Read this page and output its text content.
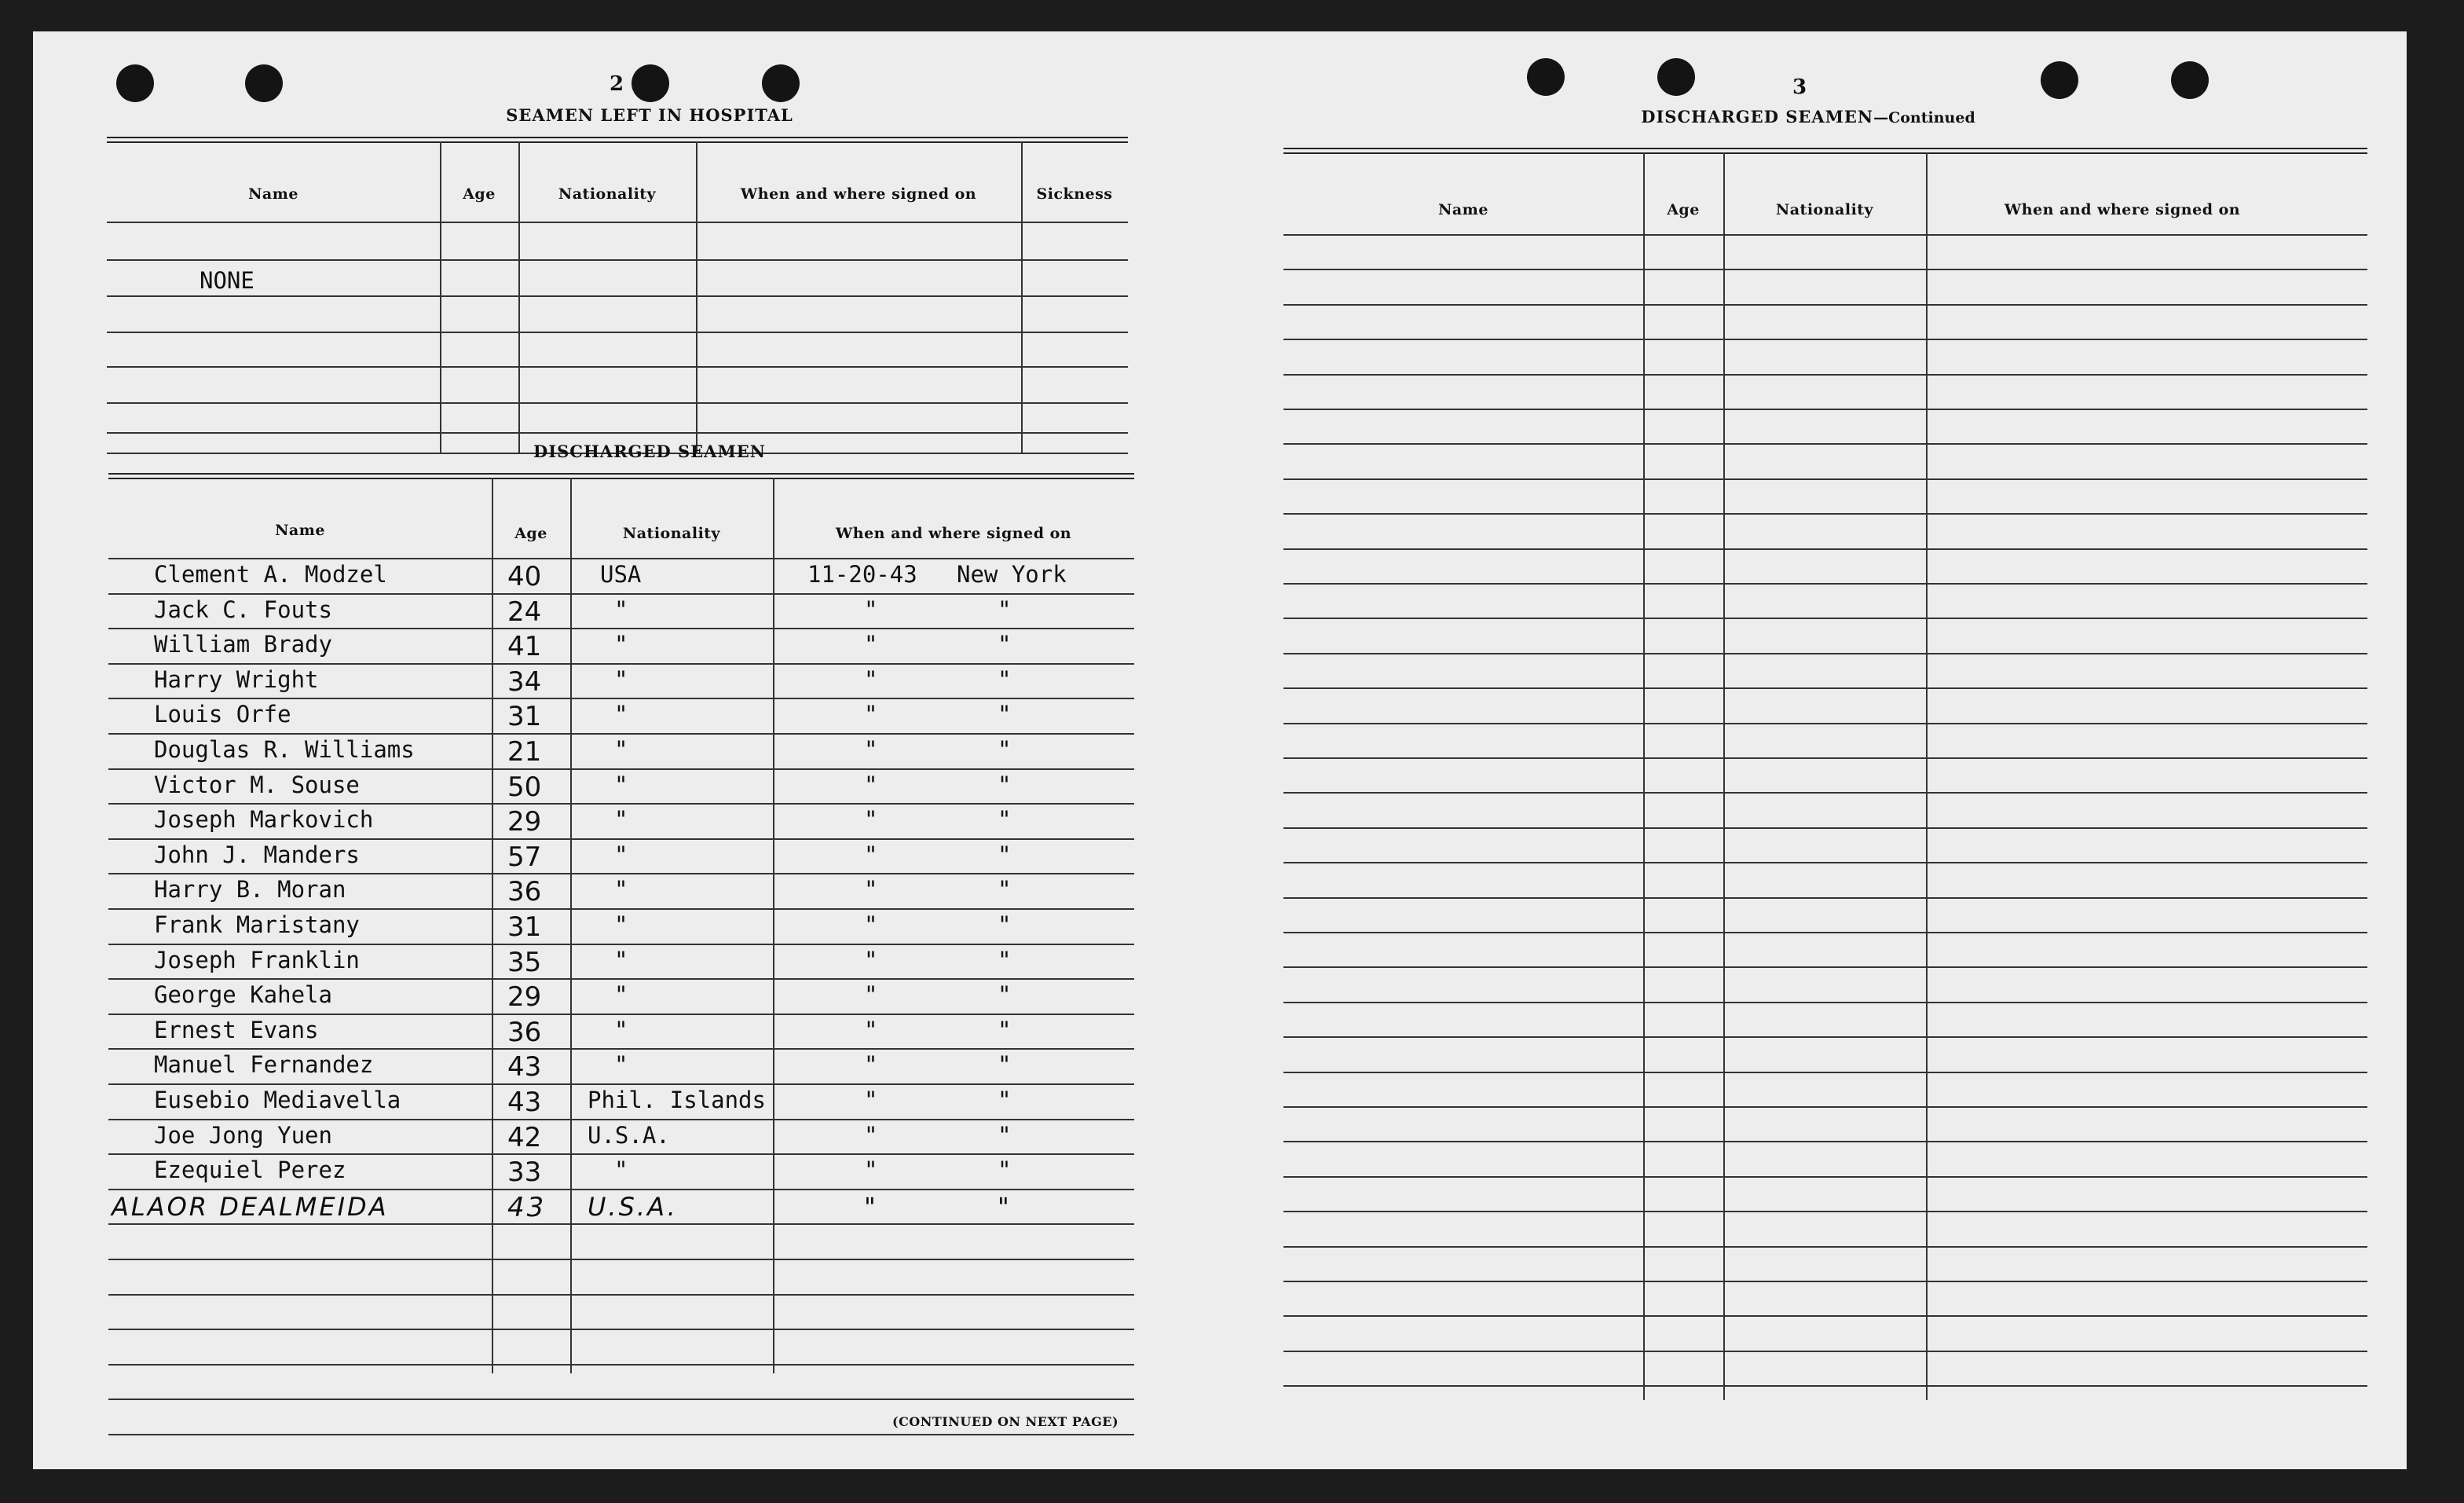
2
SEAMEN LEFT IN HOSPITAL
Name	Age	Nationality	When and where signed on	Sickness
NONE
DISCHARGED SEAMEN
Name	Age	Nationality	When and where signed on
Clement A. Modzel	40	USA	11-20-43 New York
Jack C. Fouts	24	"	"	"
William Brady	41	"	"	"
Harry Wright	34	"	"	"
Louis Orfe	31	"	"	"
Douglas R. Williams	21	"	"	"
Victor M. Souse	50	"	"	"
Joseph Markovich	29	"	"	"
John J. Manders	57	"	"	"
Harry B. Moran	36	"	"	"
Frank Maristany	31	"	"	"
Joseph Franklin	35	"	"	"
George Kahela	29	"	"	"
Ernest Evans	36	"	"	"
Manuel Fernandez	43	"	"	"
Eusebio Mediavella	43 Phil. Islands	"	"
Joe Jong Yuen	42 U.S.A.	"	"
Ezequiel Perez	33	"	"	"
ALAOR DEALMEIDA	43 U.S.A.	"	"
(CONTINUED ON NEXT PAGE)
3
DISCHARGED SEAMEN—Continued
Name	Age	Nationality	When and where signed on
